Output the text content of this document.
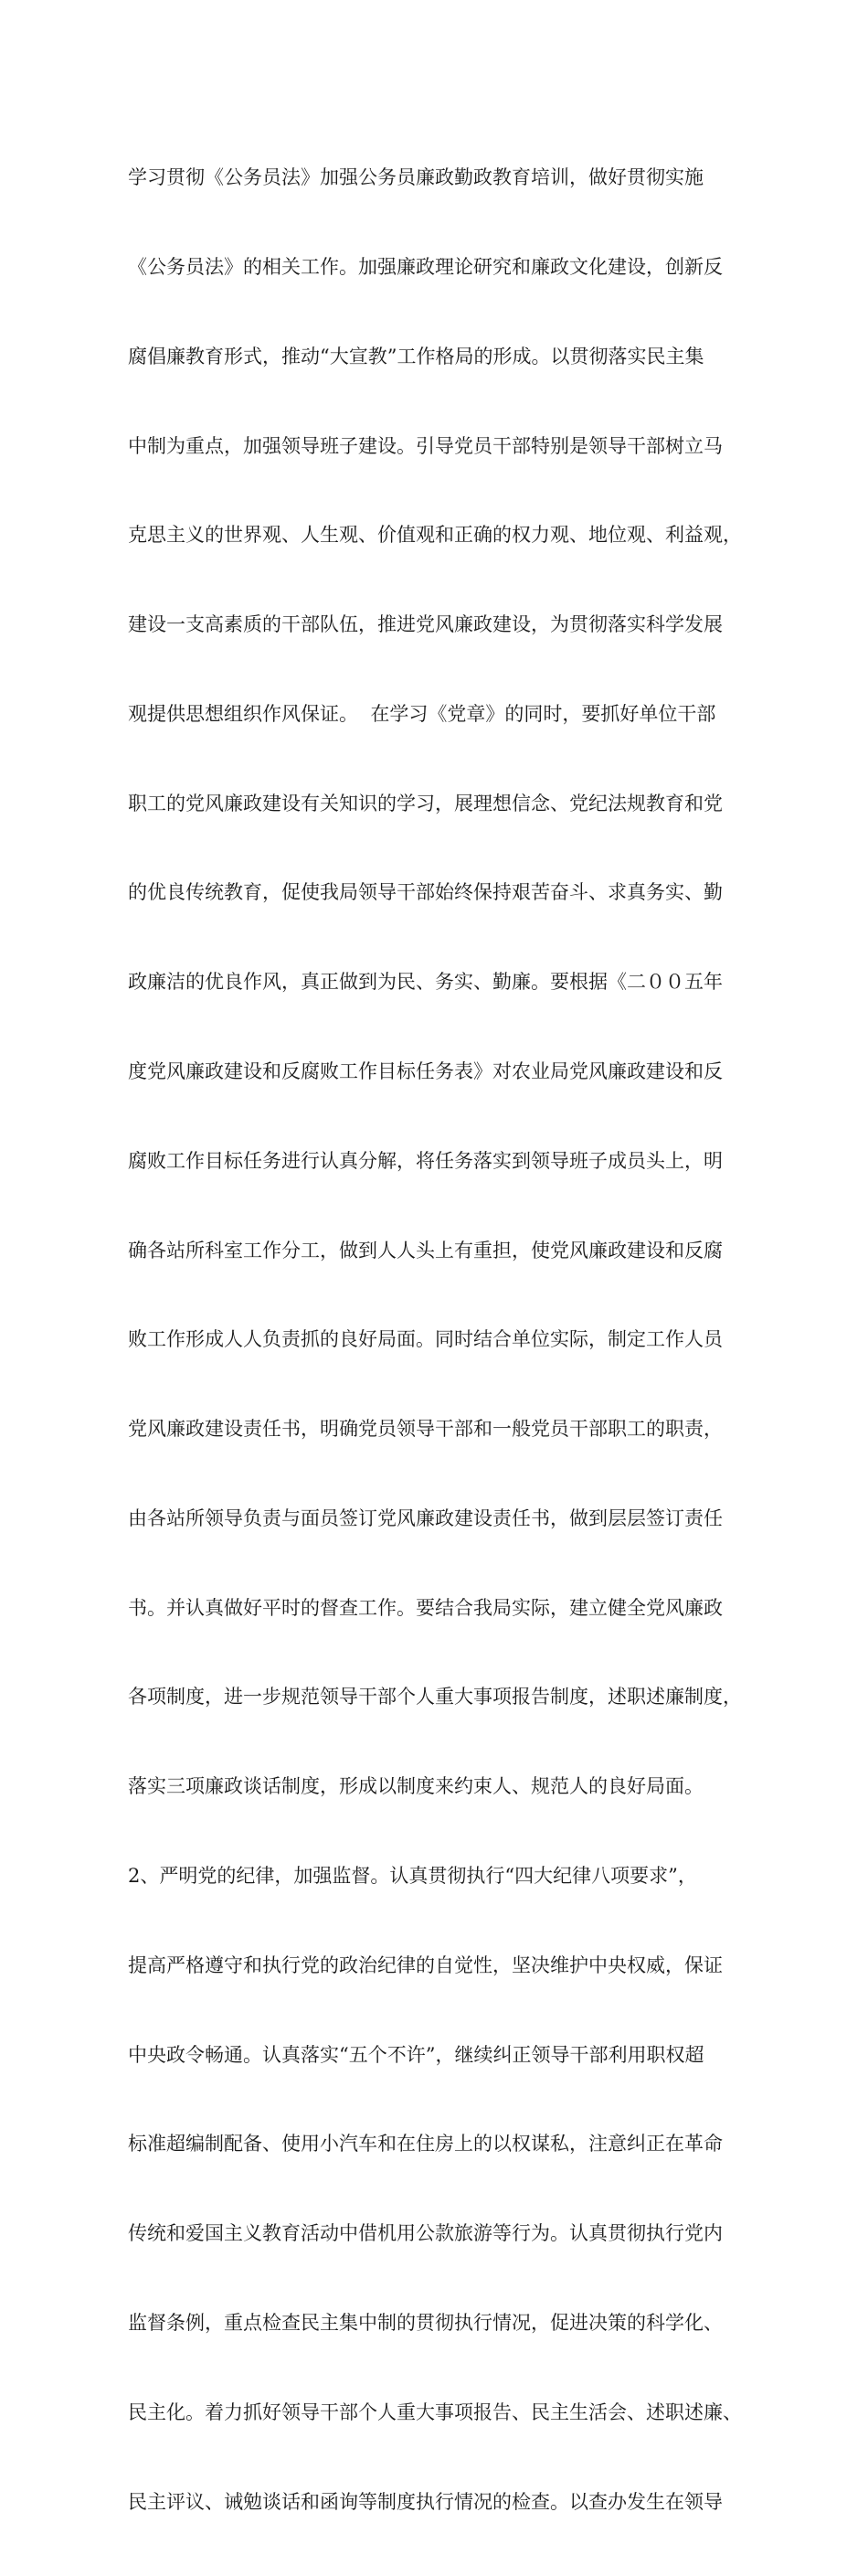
学习贯彻《公务员法》加强公务员廉政勤政教育培训，做好贯彻实施

《公务员法》的相关工作。加强廉政理论研究和廉政文化建设，创新反

腐倡廉教育形式，推动“大宣教”工作格局的形成。以贯彻落实民主集

中制为重点，加强领导班子建设。引导党员干部特别是领导干部树立马

克思主义的世界观、人生观、价值观和正确的权力观、地位观、利益观，

建设一支高素质的干部队伍，推进党风廉政建设，为贯彻落实科学发展

观提供思想组织作风保证。  在学习《党章》的同时，要抓好单位干部

职工的党风廉政建设有关知识的学习，展理想信念、党纪法规教育和党

的优良传统教育，促使我局领导干部始终保持艰苦奋斗、求真务实、勤

政廉洁的优良作风，真正做到为民、务实、勤廉。要根据《二００五年

度党风廉政建设和反腐败工作目标任务表》对农业局党风廉政建设和反

腐败工作目标任务进行认真分解，将任务落实到领导班子成员头上，明

确各站所科室工作分工，做到人人头上有重担，使党风廉政建设和反腐

败工作形成人人负责抓的良好局面。同时结合单位实际，制定工作人员

党风廉政建设责任书，明确党员领导干部和一般党员干部职工的职责，

由各站所领导负责与面员签订党风廉政建设责任书，做到层层签订责任

书。并认真做好平时的督查工作。要结合我局实际，建立健全党风廉政

各项制度，进一步规范领导干部个人重大事项报告制度，述职述廉制度，

落实三项廉政谈话制度，形成以制度来约束人、规范人的良好局面。

2、严明党的纪律，加强监督。认真贯彻执行“四大纪律八项要求”，

提高严格遵守和执行党的政治纪律的自觉性，坚决维护中央权威，保证

中央政令畅通。认真落实“五个不许”，继续纠正领导干部利用职权超

标准超编制配备、使用小汽车和在住房上的以权谋私，注意纠正在革命

传统和爱国主义教育活动中借机用公款旅游等行为。认真贯彻执行党内

监督条例，重点检查民主集中制的贯彻执行情况，促进决策的科学化、

民主化。着力抓好领导干部个人重大事项报告、民主生活会、述职述廉、

民主评议、诫勉谈话和函询等制度执行情况的检查。以查办发生在领导
